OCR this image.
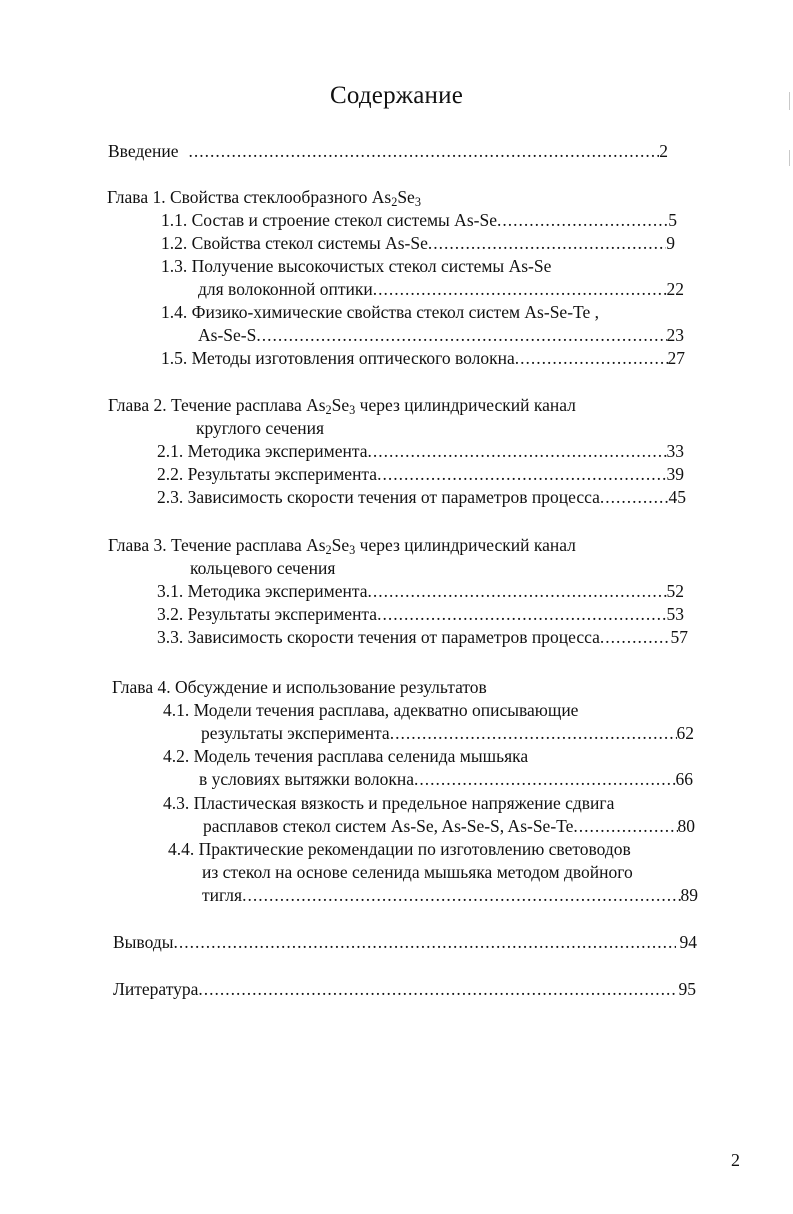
Содержание
Введение .....	2
Глава 1. Свойства стеклообразного $As_2Se_3$
1.1. Состав и строение стекол системы As-Se .....	5
1.2. Свойства стекол системы As-Se .....	9
1.3. Получение высокочистых стекол системы As-Se
для волоконной оптики .....	22
1.4. Физико-химические свойства стекол систем As-Se-Te ,
As-Se-S .....	23
1.5. Методы изготовления оптического волокна .....	27
Глава 2. Течение расплава $As_2Se_3$ через цилиндрический канал
круглого сечения
2.1. Методика эксперимента .....	33
2.2. Результаты эксперимента .....	39
2.3. Зависимость скорости течения от параметров процесса .....	45
Глава 3. Течение расплава $As_2Se_3$ через цилиндрический канал
кольцевого сечения
3.1. Методика эксперимента .....	52
3.2. Результаты эксперимента .....	53
3.3. Зависимость скорости течения от параметров процесса .....	57
Глава 4. Обсуждение и использование результатов
4.1. Модели течения расплава, адекватно описывающие
результаты эксперимента .....	62
4.2. Модель течения расплава селенида мышьяка
в условиях вытяжки волокна .....	66
4.3. Пластическая вязкость и предельное напряжение сдвига
расплавов стекол систем As-Se, As-Se-S, As-Se-Te .....	80
4.4. Практические рекомендации по изготовлению световодов
из стекол на основе селенида мышьяка методом двойного
тигля .....	89
Выводы .....	94
Литература .....	95
2
